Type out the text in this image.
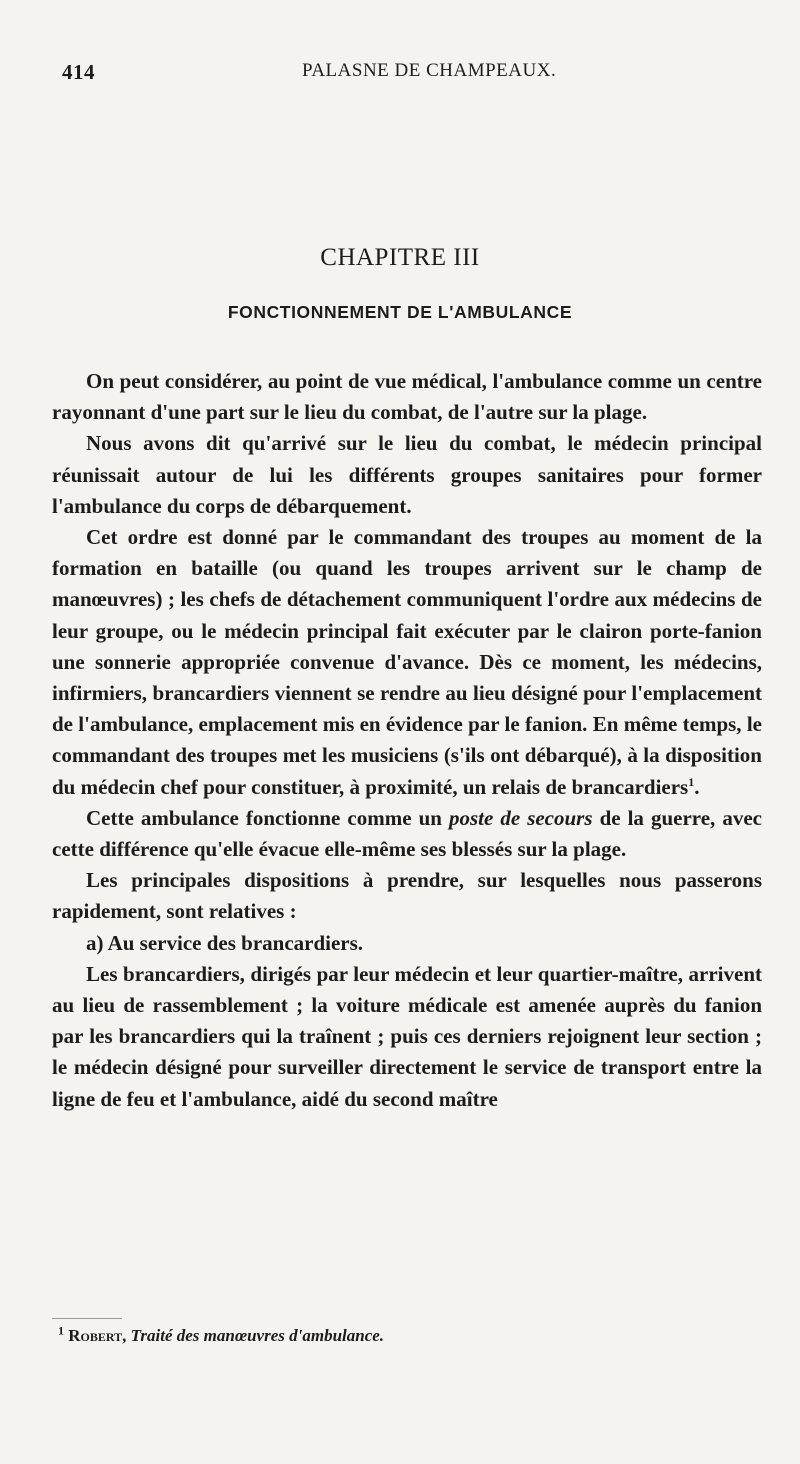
414	PALASNE DE CHAMPEAUX.
CHAPITRE III
FONCTIONNEMENT DE L'AMBULANCE

On peut considérer, au point de vue médical, l'ambulance comme un centre rayonnant d'une part sur le lieu du combat, de l'autre sur la plage.

Nous avons dit qu'arrivé sur le lieu du combat, le médecin principal réunissait autour de lui les différents groupes sanitaires pour former l'ambulance du corps de débarquement.

Cet ordre est donné par le commandant des troupes au moment de la formation en bataille (ou quand les troupes arrivent sur le champ de manœuvres) ; les chefs de détachement communiquent l'ordre aux médecins de leur groupe, ou le médecin principal fait exécuter par le clairon porte-fanion une sonnerie appropriée convenue d'avance. Dès ce moment, les médecins, infirmiers, brancardiers viennent se rendre au lieu désigné pour l'emplacement de l'ambulance, emplacement mis en évidence par le fanion. En même temps, le commandant des troupes met les musiciens (s'ils ont débarqué), à la disposition du médecin chef pour constituer, à proximité, un relais de brancardiers$^1$.

Cette ambulance fonctionne comme un poste de secours de la guerre, avec cette différence qu'elle évacue elle-même ses blessés sur la plage.

Les principales dispositions à prendre, sur lesquelles nous passerons rapidement, sont relatives :

a) Au service des brancardiers.

Les brancardiers, dirigés par leur médecin et leur quartier-maître, arrivent au lieu de rassemblement ; la voiture médicale est amenée auprès du fanion par les brancardiers qui la traînent ; puis ces derniers rejoignent leur section ; le médecin désigné pour surveiller directement le service de transport entre la ligne de feu et l'ambulance, aidé du second maître

$^1$ Robert, Traité des manœuvres d'ambulance.
